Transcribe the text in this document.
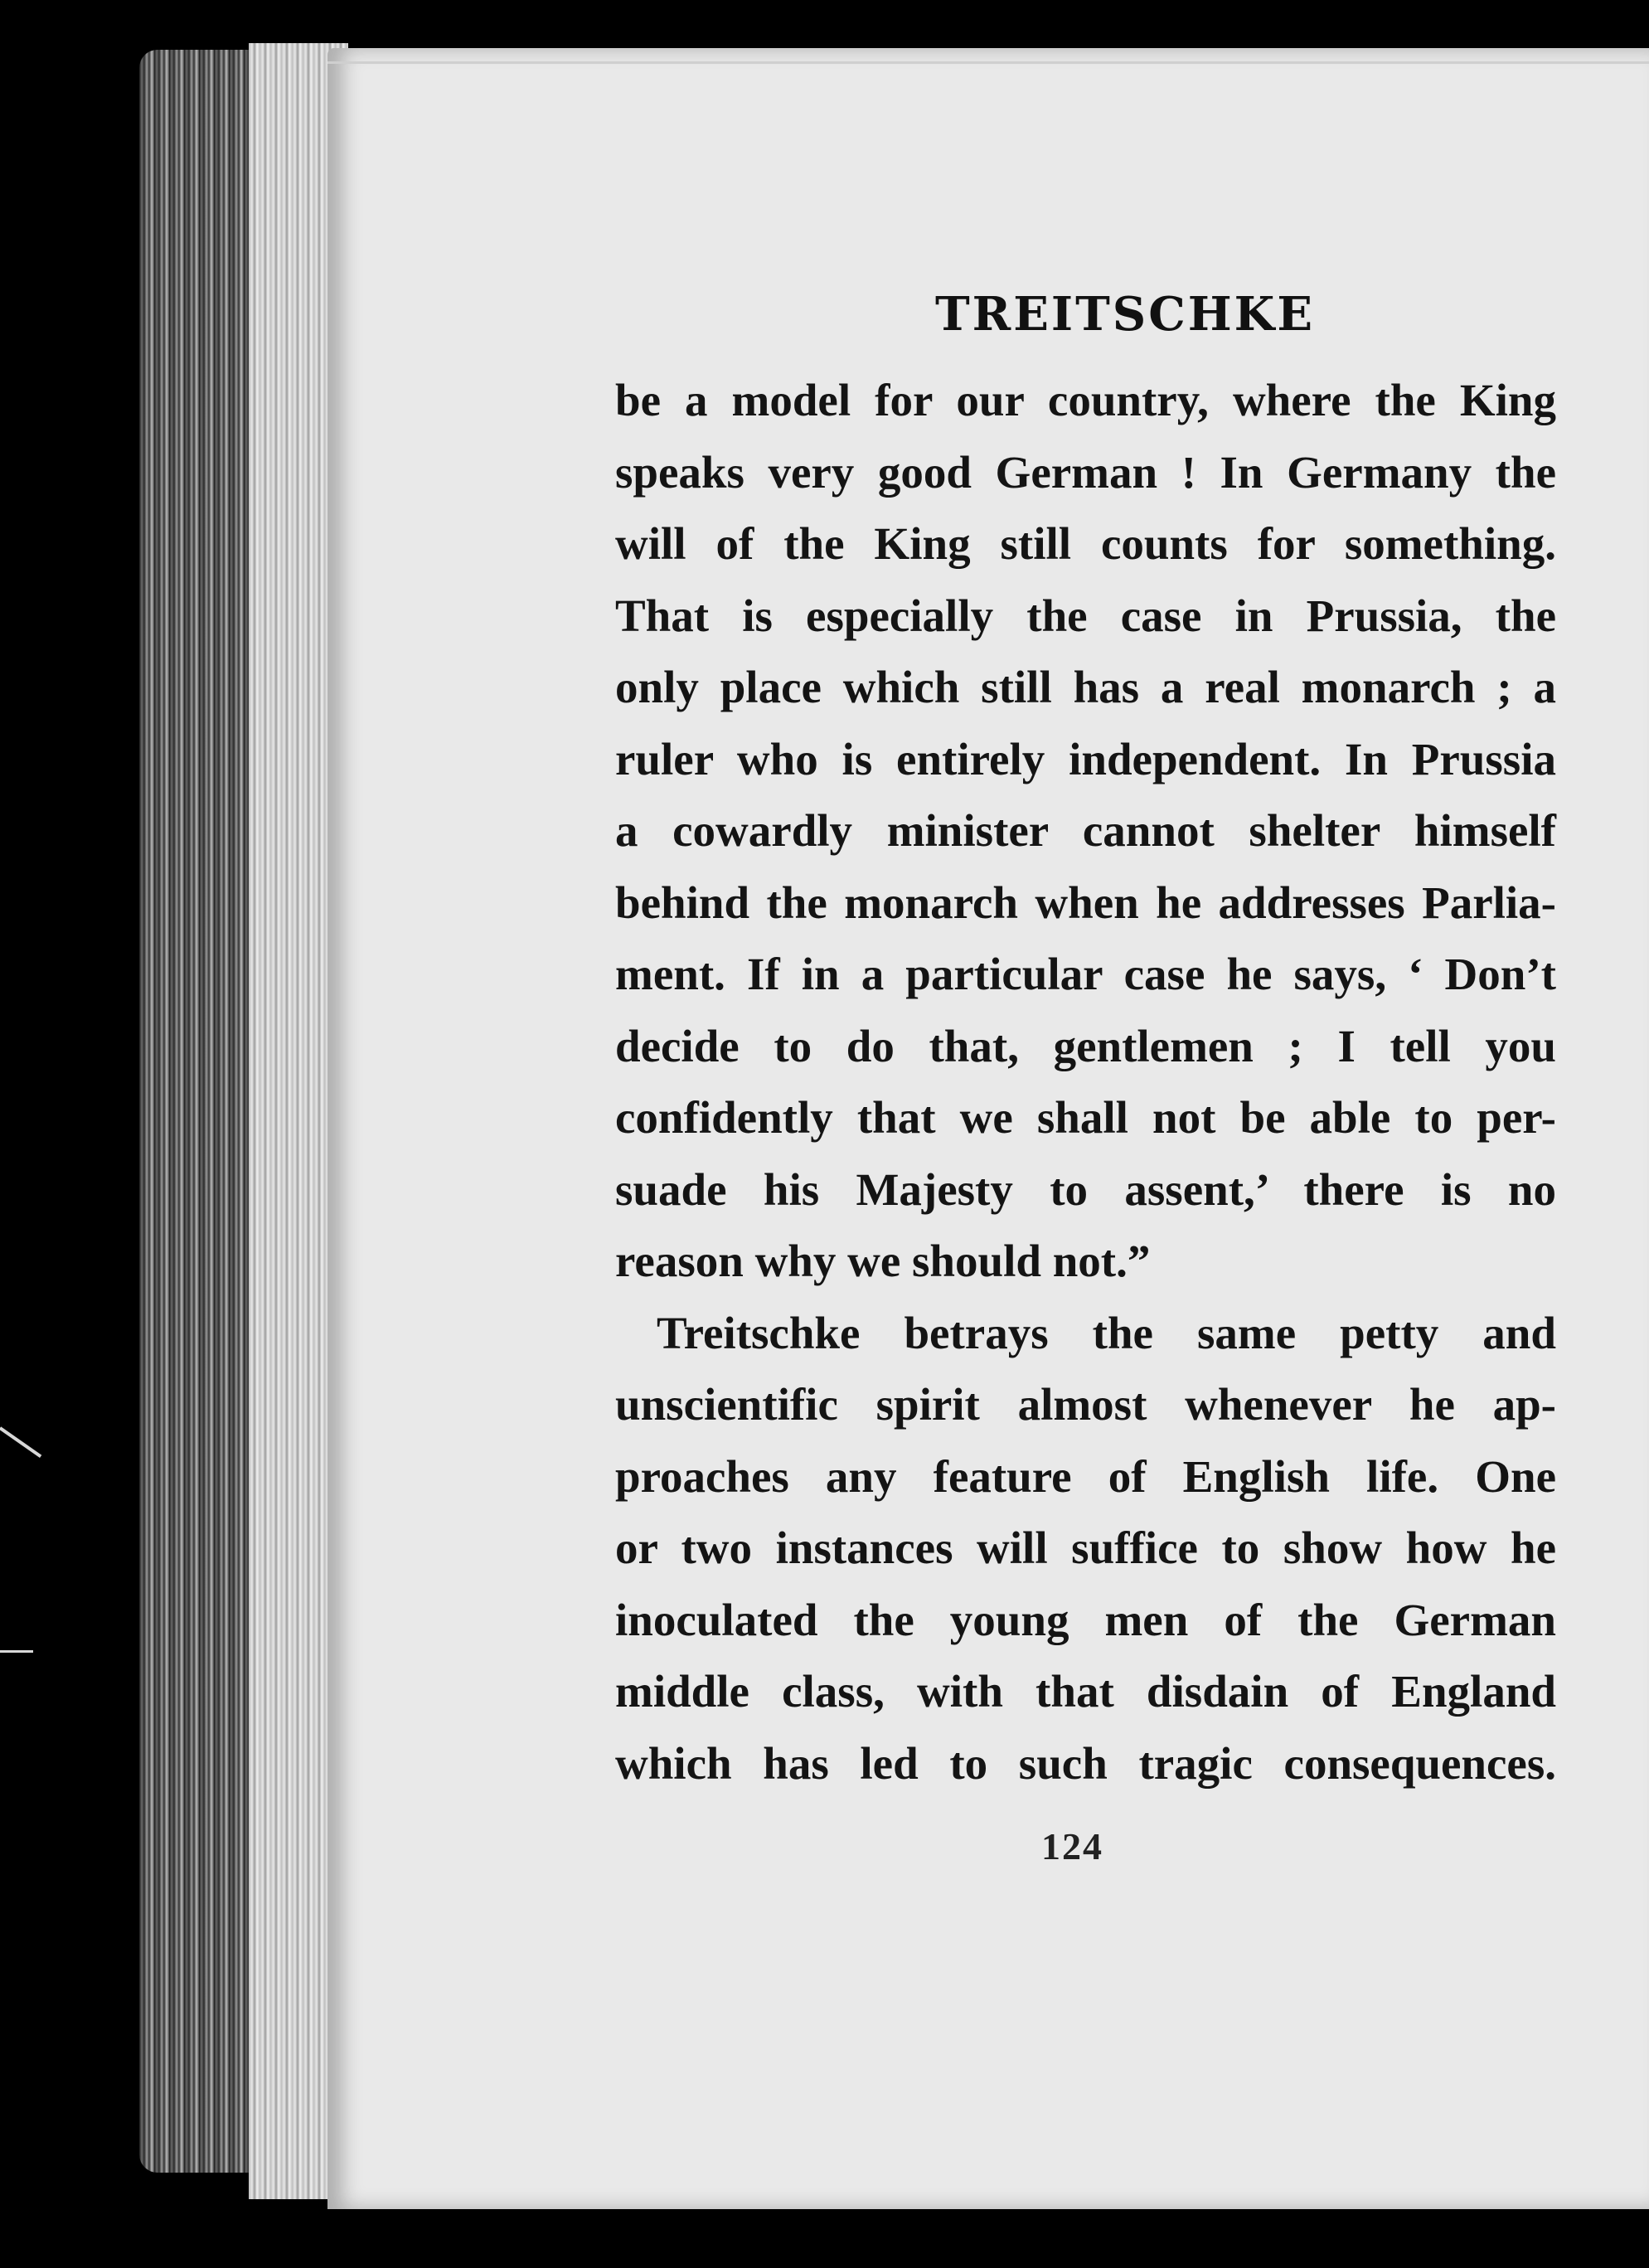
TREITSCHKE
be a model for our country, where the King
speaks very good German ! In Germany the
will of the King still counts for something.
That is especially the case in Prussia, the
only place which still has a real monarch ; a
ruler who is entirely independent. In Prussia
a cowardly minister cannot shelter himself
behind the monarch when he addresses Parlia-
ment. If in a particular case he says, ‘ Don’t
decide to do that, gentlemen ; I tell you
confidently that we shall not be able to per-
suade his Majesty to assent,’ there is no
reason why we should not.”
Treitschke betrays the same petty and
unscientific spirit almost whenever he ap-
proaches any feature of English life. One
or two instances will suffice to show how he
inoculated the young men of the German
middle class, with that disdain of England
which has led to such tragic consequences.
124
